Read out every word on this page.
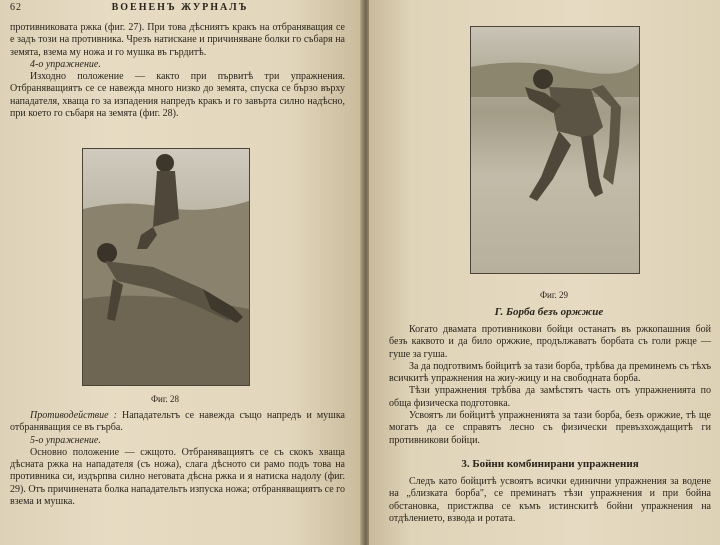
62	ВОЕНЕНЪ ЖУРНАЛЪ

противниковата ржка (фиг. 27). При това дѣсниятъ кракъ на отбраняващия се е задъ този на противника. Чрезъ натискане и причиняване болки го събаря на земята, взема му ножа и го мушка въ гърдитѣ.

4-о упражнение.

Изходно положение — както при първитѣ три упражнения. Отбраняващиятъ се се навежда много низко до земята, спуска се бързо върху нападателя, хваща го за изпадения напредъ кракъ и го завърта силно надѣсно, при което го събаря на земята (фиг. 28).

Фиг. 28

Противодействие : Нападательтъ се навежда също напредъ и мушка отбраняващия се въ гърба.

5-о упражнение.

Основно положение — сжщото. Отбраняващиятъ се съ скокъ хваща дѣсната ржка на нападателя (съ ножа), слага дѣсното си рамо подъ това на противника си, издърпва силно неговата дѣсна ржка и я натиска надолу (фиг. 29). Отъ причинената болка нападательтъ изпуска ножа; отбраняващиятъ се го взема и мушка.

Фиг. 29
Г. Борба безъ оржжие

Когато двамата противникови бойци останатъ въ ржкопашния бой безъ каквото и да било оржжие, продължаватъ борбата съ голи ржце — гуше за гуша.

За да подготвимъ бойцитѣ за тази борба, трѣбва да преминемъ съ тѣхъ всичкитѣ упражнения на жиу-жицу и на свободната борба.

Тѣзи упражнения трѣбва да замѣстятъ часть отъ упражненията по обща физическа подготовка.

Усвоятъ ли бойцитѣ упражненията за тази борба, безъ оржжие, тѣ ще могатъ да се справятъ лесно съ физически превъзхождащитѣ ги противникови бойци.

3. Бойни комбинирани упражнения

Следъ като бойцитѣ усвоятъ всички единични упражнения за водене на „близката борба", се преминатъ тѣзи упражнения и при бойна обстановка, пристжпва се къмъ истинскитѣ бойни упражнения на отдѣлението, взвода и ротата.
